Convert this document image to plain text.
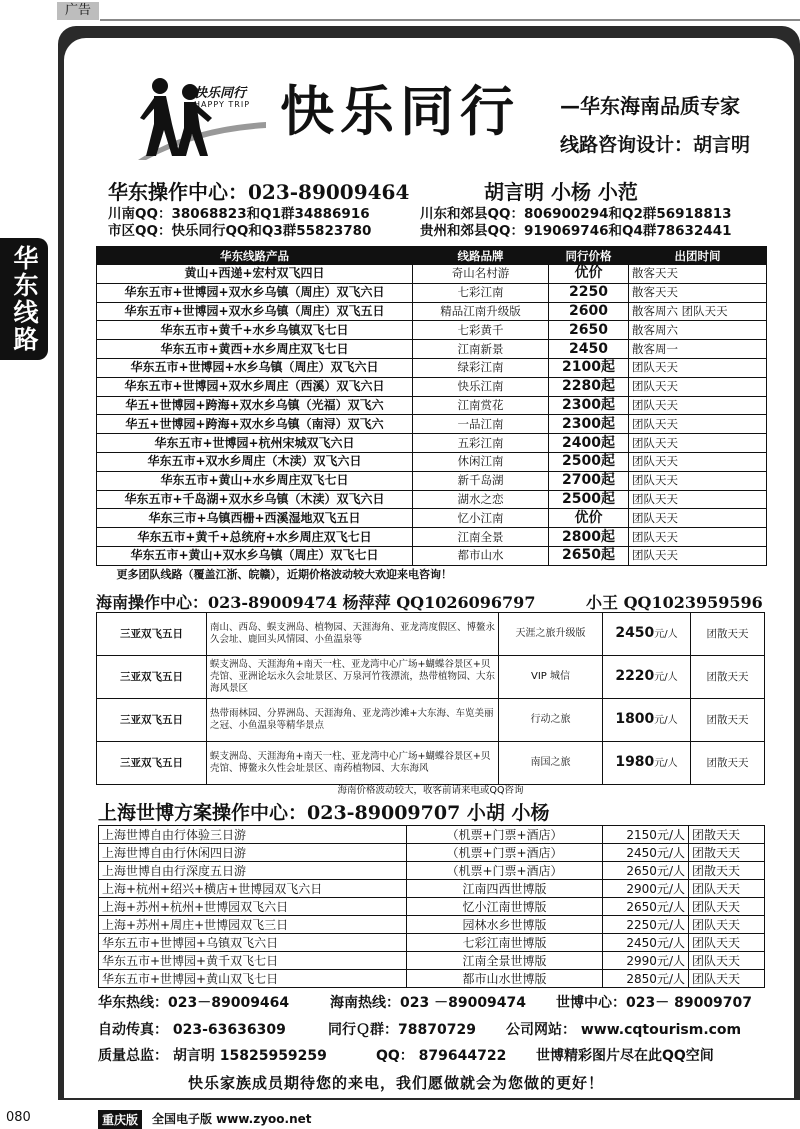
广告
华东线路
快乐同行
HAPPY TRIP 快乐同行 —华东海南品质专家
线路咨询设计：胡言明
华东操作中心：023-89009464	胡言明 小杨 小范
川南QQ：38068823和Q1群34886916	川东和郊县QQ：806900294和Q2群56918813
市区QQ：快乐同行QQ和Q3群55823780	贵州和郊县QQ：919069746和Q4群78632441
华东线路产品	线路品牌	同行价格	出团时间
黄山+西递+宏村双飞四日	奇山名村游	优价	散客天天
华东五市+世博园+双水乡乌镇（周庄）双飞六日	七彩江南	2250	散客天天
华东五市+世博园+双水乡乌镇（周庄）双飞五日	精品江南升级版	2600	散客周六 团队天天
华东五市+黄千+水乡乌镇双飞七日	七彩黄千	2650	散客周六
华东五市+黄西+水乡周庄双飞七日	江南新景	2450	散客周一
华东五市+世博园+水乡乌镇（周庄）双飞六日	绿彩江南	2100起	团队天天
华东五市+世博园+双水乡周庄（西溪）双飞六日	快乐江南	2280起	团队天天
华五+世博园+跨海+双水乡乌镇（光福）双飞六	江南赏花	2300起	团队天天
华五+世博园+跨海+双水乡乌镇（南浔）双飞六	一品江南	2300起	团队天天
华东五市+世博园+杭州宋城双飞六日	五彩江南	2400起	团队天天
华东五市+双水乡周庄（木渎）双飞六日	休闲江南	2500起	团队天天
华东五市+黄山+水乡周庄双飞七日	新千岛湖	2700起	团队天天
华东五市+千岛湖+双水乡乌镇（木渎）双飞六日	湖水之恋	2500起	团队天天
华东三市+乌镇西栅+西溪湿地双飞五日	忆小江南	优价	团队天天
华东五市+黄千+总统府+水乡周庄双飞七日	江南全景	2800起	团队天天
华东五市+黄山+双水乡乌镇（周庄）双飞七日	都市山水	2650起	团队天天
更多团队线路（覆盖江浙、皖赣），近期价格波动较大欢迎来电咨询！			
海南操作中心：023-89009474 杨萍萍 QQ1026096797	小王 QQ1023959596
三亚双飞五日	南山、西岛、蜈支洲岛、植物园、天涯海角、亚龙湾度假区、博鳌永久会址、鹿回头风情园、小鱼温泉等	天涯之旅升级版	2450元/人	团散天天
三亚双飞五日	蜈支洲岛、天涯海角+南天一柱、亚龙湾中心广场+蝴蝶谷景区+贝壳馆、亚洲论坛永久会址景区、万泉河竹筏漂流，热带植物园、大东海风景区	VIP 城信	2220元/人	团散天天
三亚双飞五日	热带雨林园、分界洲岛、天涯海角、亚龙湾沙滩+大东海、车览美丽之冠、小鱼温泉等精华景点	行动之旅	1800元/人	团散天天
三亚双飞五日	蜈支洲岛、天涯海角+南天一柱、亚龙湾中心广场+蝴蝶谷景区+贝壳馆、博鳌永久性会址景区、南药植物园、大东海风	南国之旅	1980元/人	团散天天
海南价格波动较大，收客前请来电或QQ咨询				
上海世博方案操作中心：023-89009707 小胡 小杨
上海世博自由行体验三日游	（机票+门票+酒店）	2150元/人	团散天天
上海世博自由行休闲四日游	（机票+门票+酒店）	2450元/人	团散天天
上海世博自由行深度五日游	（机票+门票+酒店）	2650元/人	团散天天
上海+杭州+绍兴+横店+世博园双飞六日	江南四西世博版	2900元/人	团队天天
上海+苏州+杭州+世博园双飞六日	忆小江南世博版	2650元/人	团队天天
上海+苏州+周庄+世博园双飞三日	园林水乡世博版	2250元/人	团队天天
华东五市+世博园+乌镇双飞六日	七彩江南世博版	2450元/人	团队天天
华东五市+世博园+黄千双飞七日	江南全景世博版	2990元/人	团队天天
华东五市+世博园+黄山双飞七日	都市山水世博版	2850元/人	团队天天
华东热线：023－89009464	海南热线：023 －89009474 世博中心：023－ 89009707
自动传真： 023-63636309	同行Ｑ群：78870729 公司网站： www.cqtourism.com
质量总监： 胡言明 15825959259	QQ： 879644722 世博精彩图片尽在此QQ空间
快乐家族成员期待您的来电，我们愿做就会为您做的更好！
080	重庆版	全国电子版 www.zyoo.net
